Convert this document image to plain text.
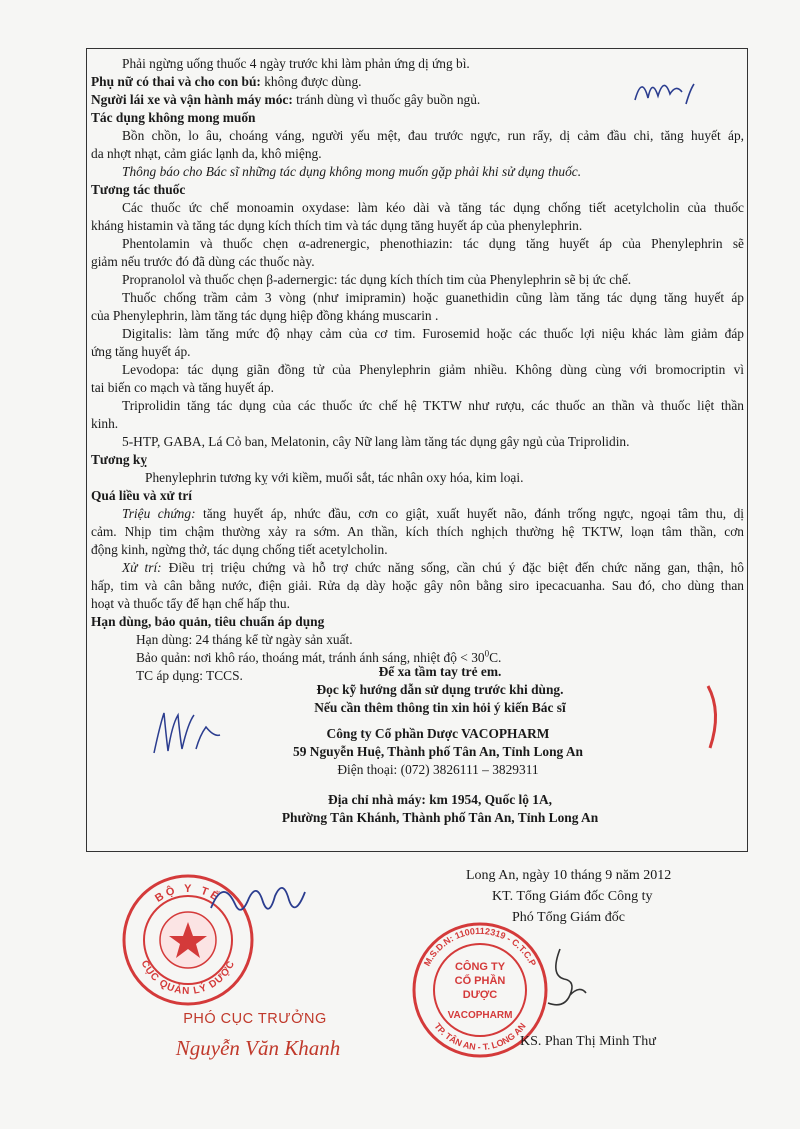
Phải ngừng uống thuốc 4 ngày trước khi làm phản ứng dị ứng bì.
Phụ nữ có thai và cho con bú: không được dùng.
Người lái xe và vận hành máy móc: tránh dùng vì thuốc gây buồn ngủ.
Tác dụng không mong muốn
Bồn chồn, lo âu, choáng váng, người yếu mệt, đau trước ngực, run rẩy, dị cảm đầu chi, tăng huyết áp,
da nhợt nhạt, cảm giác lạnh da, khô miệng.
Thông báo cho Bác sĩ những tác dụng không mong muốn gặp phải khi sử dụng thuốc.
Tương tác thuốc
Các thuốc ức chế monoamin oxydase: làm kéo dài và tăng tác dụng chống tiết acetylcholin của thuốc
kháng histamin và tăng tác dụng kích thích tim và tác dụng tăng huyết áp của phenylephrin.
Phentolamin và thuốc chẹn α-adrenergic, phenothiazin: tác dụng tăng huyết áp của Phenylephrin sẽ
giảm nếu trước đó đã dùng các thuốc này.
Propranolol và thuốc chẹn β-adernergic: tác dụng kích thích tim của Phenylephrin sẽ bị ức chế.
Thuốc chống trầm cảm 3 vòng (như imipramin) hoặc guanethidin cũng làm tăng tác dụng tăng huyết áp
của Phenylephrin, làm tăng tác dụng hiệp đồng kháng muscarin .
Digitalis: làm tăng mức độ nhạy cảm của cơ tim. Furosemid hoặc các thuốc lợi niệu khác làm giảm đáp
ứng tăng huyết áp.
Levodopa: tác dụng giãn đồng tử của Phenylephrin giảm nhiều. Không dùng cùng với bromocriptin vì
tai biến co mạch và tăng huyết áp.
Triprolidin tăng tác dụng của các thuốc ức chế hệ TKTW như rượu, các thuốc an thần và thuốc liệt thần
kinh.
5-HTP, GABA, Lá Cỏ ban, Melatonin, cây Nữ lang làm tăng tác dụng gây ngủ của Triprolidin.
Tương kỵ
Phenylephrin tương kỵ với kiềm, muối sắt, tác nhân oxy hóa, kim loại.
Quá liều và xử trí
Triệu chứng: tăng huyết áp, nhức đầu, cơn co giật, xuất huyết não, đánh trống ngực, ngoại tâm thu, dị
cảm. Nhịp tim chậm thường xảy ra sớm. An thần, kích thích nghịch thường hệ TKTW, loạn tâm thần, cơn
động kinh, ngừng thở, tác dụng chống tiết acetylcholin.
Xử trí: Điều trị triệu chứng và hỗ trợ chức năng sống, cần chú ý đặc biệt đến chức năng gan, thận, hô
hấp, tim và cân bằng nước, điện giải. Rửa dạ dày hoặc gây nôn bằng siro ipecacuanha. Sau đó, cho dùng than
hoạt và thuốc tẩy để hạn chế hấp thu.
Hạn dùng, bảo quản, tiêu chuẩn áp dụng
Hạn dùng: 24 tháng kể từ ngày sản xuất.
Bảo quản: nơi khô ráo, thoáng mát, tránh ánh sáng, nhiệt độ < $30^0C$.
TC áp dụng: TCCS.	Để xa tầm tay trẻ em.
Đọc kỹ hướng dẫn sử dụng trước khi dùng.
Nếu cần thêm thông tin xin hỏi ý kiến Bác sĩ
Công ty Cổ phần Dược VACOPHARM
59 Nguyễn Huệ, Thành phố Tân An, Tỉnh Long An
Điện thoại: (072) 3826111 – 3829311
Địa chỉ nhà máy: km 1954, Quốc lộ 1A,
Phường Tân Khánh, Thành phố Tân An, Tỉnh Long An
BỘ Y TẾ
CỤC QUẢN LÝ DƯỢC
PHÓ CỤC TRƯỞNG
Nguyễn Văn Khanh
Long An, ngày 10 tháng 9 năm 2012
KT. Tổng Giám đốc Công ty
Phó Tổng Giám đốc
M.S.D.N: 1100112319 - C.T.C.P
TP. TÂN AN - T. LONG AN
CÔNG TY
CỔ PHẦN
DƯỢC
VACOPHARM
KS. Phan Thị Minh Thư
